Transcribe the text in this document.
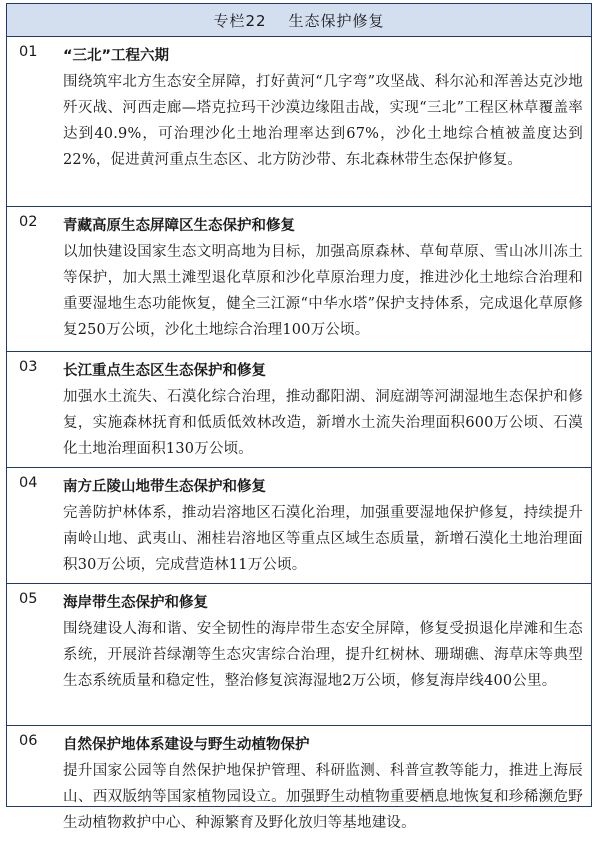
专栏22 生态保护修复
01 “三北”工程六期
围绕筑牢北方生态安全屏障，打好黄河“几字弯”攻坚战、科尔沁和浑善达克沙地歼灭战、河西走廊—塔克拉玛干沙漠边缘阻击战，实现“三北”工程区林草覆盖率达到40.9%，可治理沙化土地治理率达到67%，沙化土地综合植被盖度达到22%，促进黄河重点生态区、北方防沙带、东北森林带生态保护修复。
02 青藏高原生态屏障区生态保护和修复
以加快建设国家生态文明高地为目标，加强高原森林、草甸草原、雪山冰川冻土等保护，加大黑土滩型退化草原和沙化草原治理力度，推进沙化土地综合治理和重要湿地生态功能恢复，健全三江源“中华水塔”保护支持体系，完成退化草原修复250万公顷，沙化土地综合治理100万公顷。
03 长江重点生态区生态保护和修复
加强水土流失、石漠化综合治理，推动鄱阳湖、洞庭湖等河湖湿地生态保护和修复，实施森林抚育和低质低效林改造，新增水土流失治理面积600万公顷、石漠化土地治理面积130万公顷。
04 南方丘陵山地带生态保护和修复
完善防护林体系，推动岩溶地区石漠化治理，加强重要湿地保护修复，持续提升南岭山地、武夷山、湘桂岩溶地区等重点区域生态质量，新增石漠化土地治理面积30万公顷，完成营造林11万公顷。
05 海岸带生态保护和修复
围绕建设人海和谐、安全韧性的海岸带生态安全屏障，修复受损退化岸滩和生态系统，开展浒苔绿潮等生态灾害综合治理，提升红树林、珊瑚礁、海草床等典型生态系统质量和稳定性，整治修复滨海湿地2万公顷，修复海岸线400公里。
06 自然保护地体系建设与野生动植物保护
提升国家公园等自然保护地保护管理、科研监测、科普宣教等能力，推进上海辰山、西双版纳等国家植物园设立。加强野生动植物重要栖息地恢复和珍稀濒危野生动植物救护中心、种源繁育及野化放归等基地建设。
